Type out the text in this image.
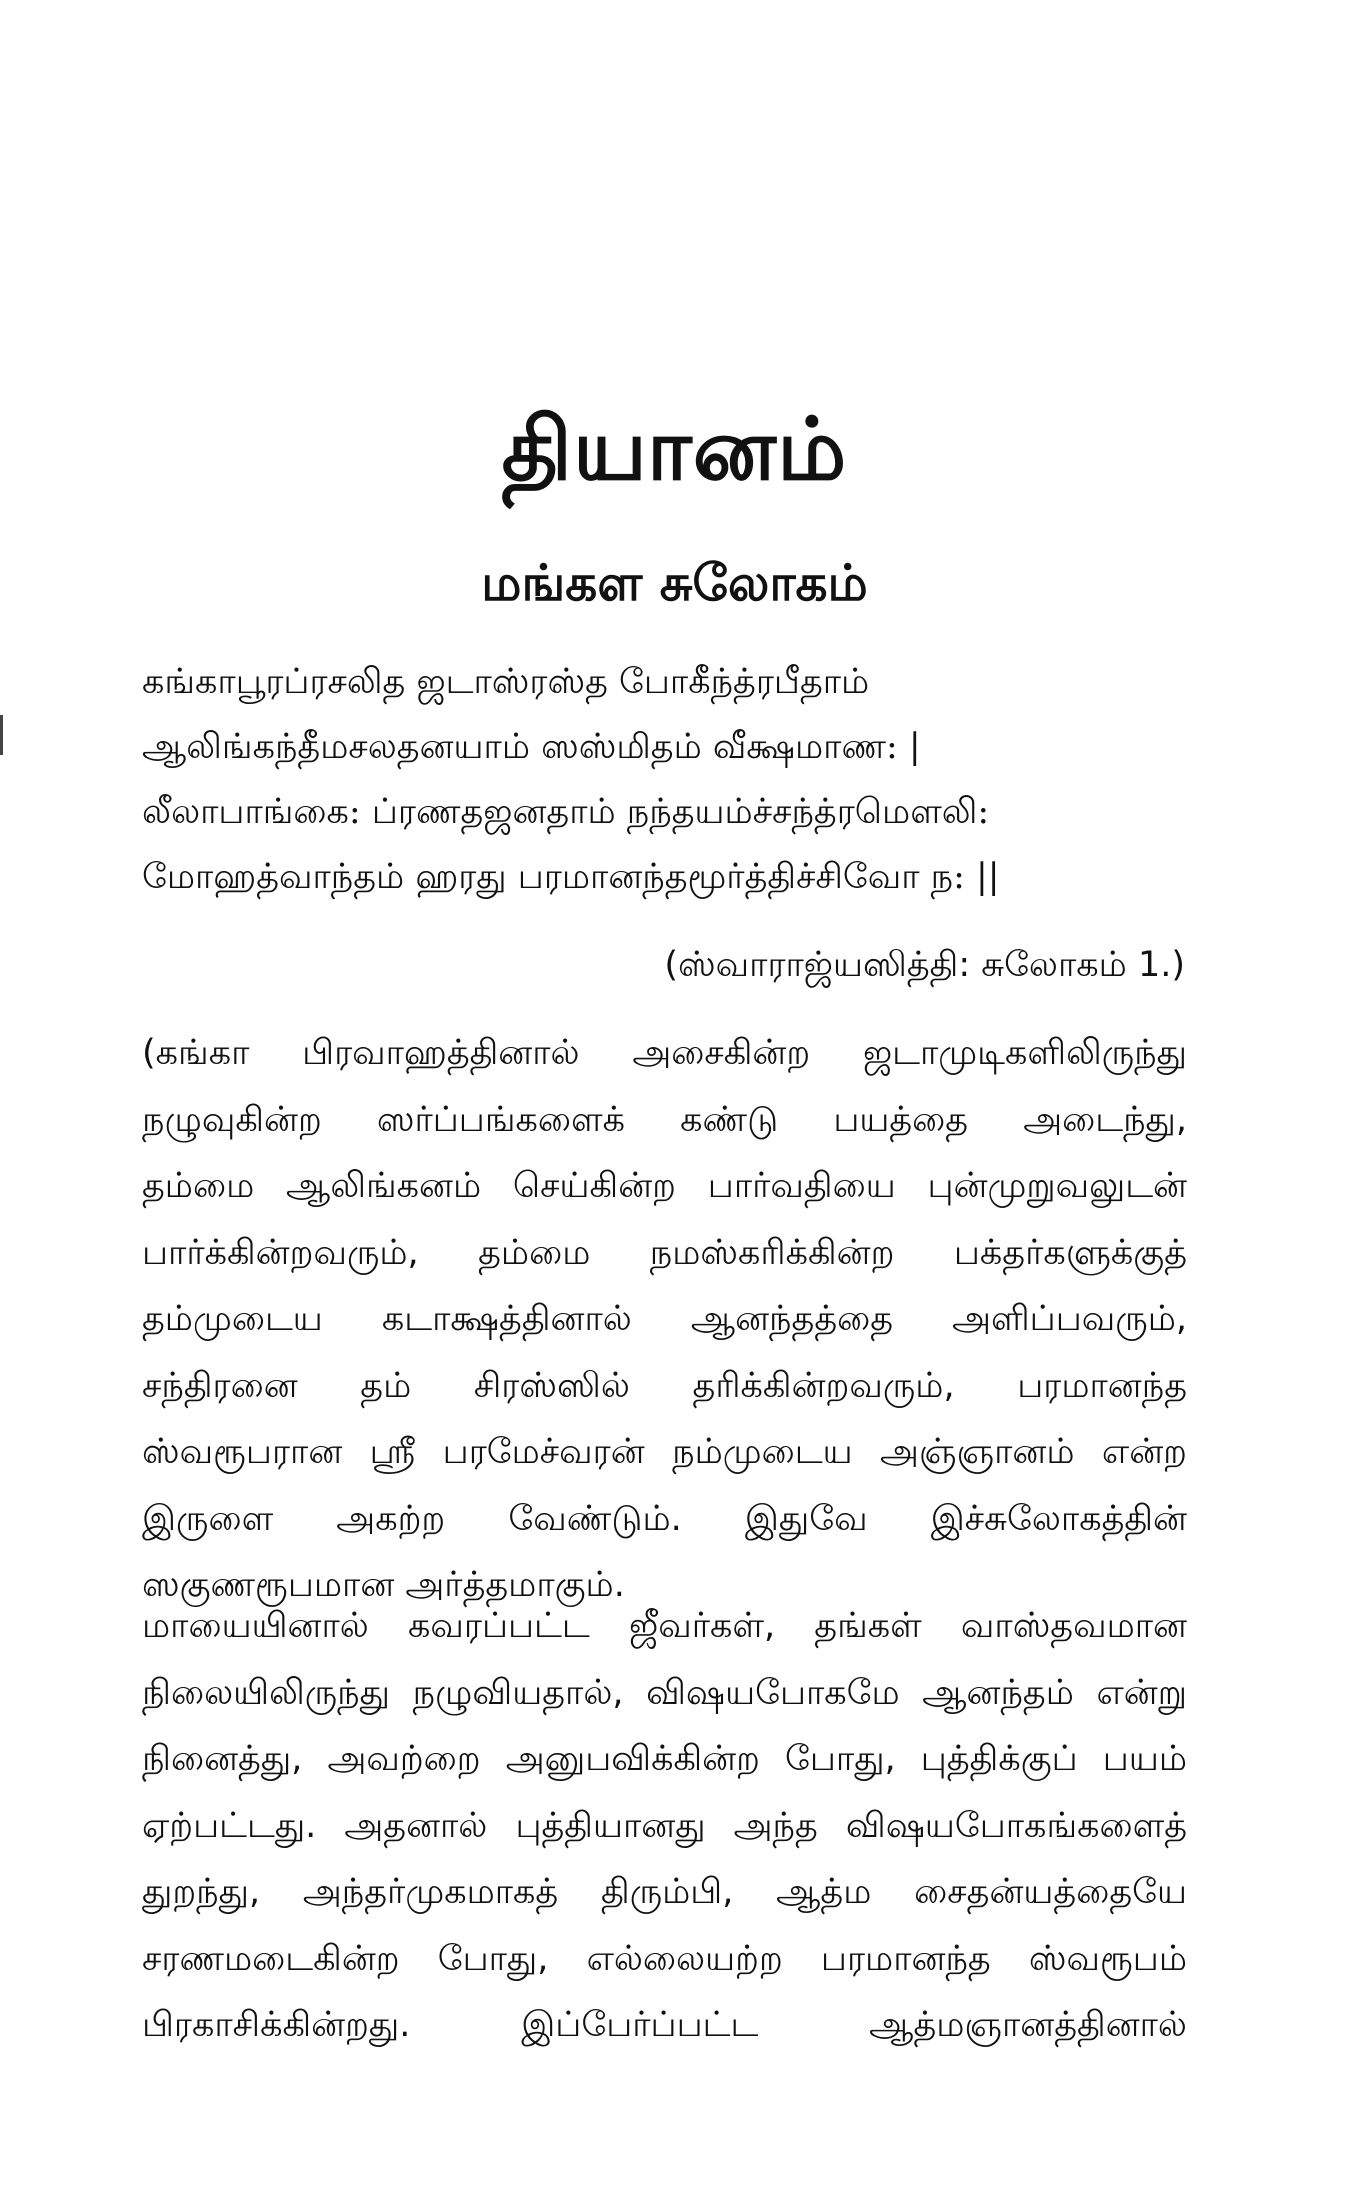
தியானம்
மங்கள சுலோகம்
கங்காபூரப்ரசலித ஜடாஸ்ரஸ்த போகீந்த்ரபீதாம்
ஆலிங்கந்தீமசலதனயாம் ஸஸ்மிதம் வீக்ஷமாண: |
லீலாபாங்கை: ப்ரணதஜனதாம் நந்தயம்ச்சந்த்ரமௌலி:
மோஹத்வாந்தம் ஹரது பரமானந்தமூர்த்திச்சிவோ ந: ||
(ஸ்வாராஜ்யஸித்தி: சுலோகம் 1.)
(கங்கா பிரவாஹத்தினால் அசைகின்ற ஜடாமுடிகளிலிருந்து
நழுவுகின்ற ஸர்ப்பங்களைக் கண்டு பயத்தை அடைந்து,
தம்மை ஆலிங்கனம் செய்கின்ற பார்வதியை புன்முறுவலுடன்
பார்க்கின்றவரும், தம்மை நமஸ்கரிக்கின்ற பக்தர்களுக்குத்
தம்முடைய கடாக்ஷத்தினால் ஆனந்தத்தை அளிப்பவரும்,
சந்திரனை தம் சிரஸ்ஸில் தரிக்கின்றவரும், பரமானந்த
ஸ்வரூபரான ஸ்ரீ பரமேச்வரன் நம்முடைய அஞ்ஞானம் என்ற
இருளை அகற்ற வேண்டும். இதுவே இச்சுலோகத்தின்
ஸகுணரூபமான அர்த்தமாகும்.
மாயையினால் கவரப்பட்ட ஜீவர்கள், தங்கள் வாஸ்தவமான
நிலையிலிருந்து நழுவியதால், விஷயபோகமே ஆனந்தம் என்று
நினைத்து, அவற்றை அனுபவிக்கின்ற போது, புத்திக்குப் பயம்
ஏற்பட்டது. அதனால் புத்தியானது அந்த விஷயபோகங்களைத்
துறந்து, அந்தர்முகமாகத் திரும்பி, ஆத்ம சைதன்யத்தையே
சரணமடைகின்ற போது, எல்லையற்ற பரமானந்த ஸ்வரூபம்
பிரகாசிக்கின்றது. இப்பேர்ப்பட்ட ஆத்மஞானத்தினால்
